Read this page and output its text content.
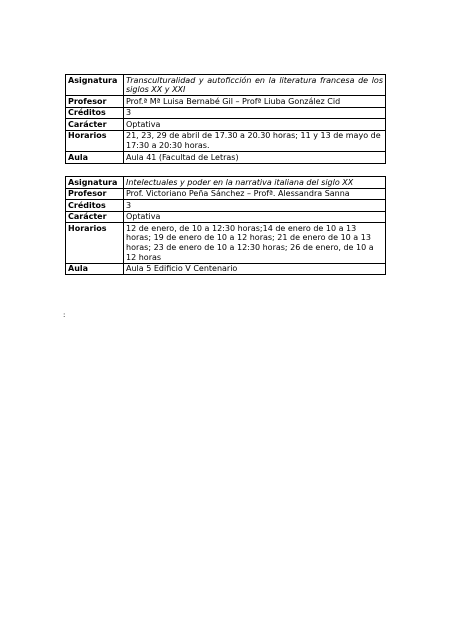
Asignatura	Transculturalidad y autoficción en la literatura francesa de los siglos XX y XXI
Profesor	Prof.ª Mª Luisa Bernabé Gil – Profª Liuba González Cid
Créditos	3
Carácter	Optativa
Horarios	21, 23, 29 de abril de 17.30 a 20.30 horas; 11 y 13 de mayo de 17:30 a 20:30 horas.
Aula	Aula 41 (Facultad de Letras)
Asignatura	Intelectuales y poder en la narrativa italiana del siglo XX
Profesor	Prof. Victoriano Peña Sánchez – Profª. Alessandra Sanna
Créditos	3
Carácter	Optativa
Horarios	12 de enero, de 10 a 12:30 horas;14 de enero de 10 a 13 horas; 19 de enero de 10 a 12 horas; 21 de enero de 10 a 13 horas; 23 de enero de 10 a 12:30 horas; 26 de enero, de 10 a 12 horas
Aula	Aula 5 Edificio V Centenario
:
